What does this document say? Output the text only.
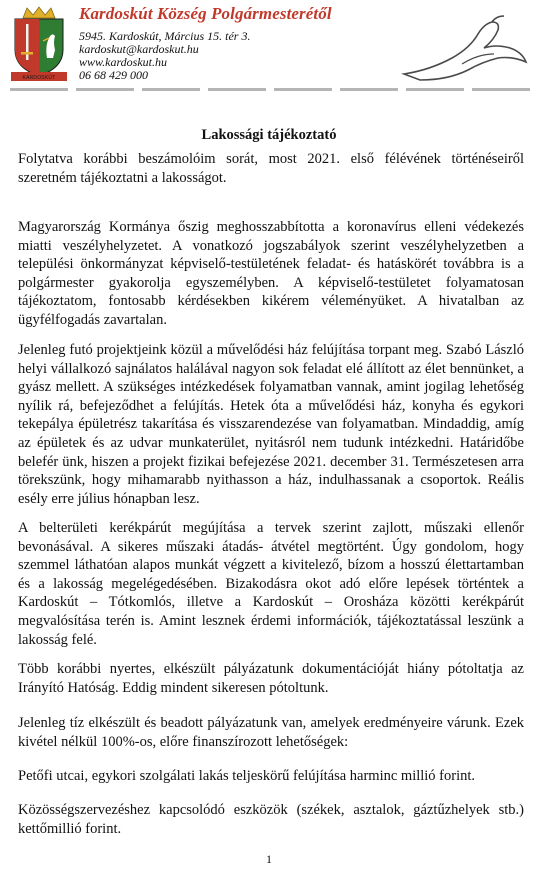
KARDOSKÚT
Kardoskút Község Polgármesterétől
5945. Kardoskút, Március 15. tér 3.
kardoskut@kardoskut.hu
www.kardoskut.hu
06 68 429 000
Lakossági tájékoztató

Folytatva korábbi beszámolóim sorát, most 2021. első félévének történéseiről szeretném tájékoztatni a lakosságot.

Magyarország Kormánya őszig meghosszabbította a koronavírus elleni védekezés miatti veszélyhelyzetet. A vonatkozó jogszabályok szerint veszélyhelyzetben a települési önkormányzat képviselő-testületének feladat- és hatáskörét továbbra is a polgármester gyakorolja egyszemélyben. A képviselő-testületet folyamatosan tájékoztatom, fontosabb kérdésekben kikérem véleményüket. A hivatalban az ügyfélfogadás zavartalan.

Jelenleg futó projektjeink közül a művelődési ház felújítása torpant meg. Szabó László helyi vállalkozó sajnálatos halálával nagyon sok feladat elé állított az élet bennünket, a gyász mellett. A szükséges intézkedések folyamatban vannak, amint jogilag lehetőség nyílik rá, befejeződhet a felújítás. Hetek óta a művelődési ház, konyha és egykori tekepálya épületrész takarítása és visszarendezése van folyamatban. Mindaddig, amíg az épületek és az udvar munkaterület, nyitásról nem tudunk intézkedni. Határidőbe belefér ünk, hiszen a projekt fizikai befejezése 2021. december 31. Természetesen arra törekszünk, hogy mihamarabb nyithasson a ház, indulhassanak a csoportok. Reális esély erre július hónapban lesz.

A belterületi kerékpárút megújítása a tervek szerint zajlott, műszaki ellenőr bevonásával. A sikeres műszaki átadás- átvétel megtörtént. Úgy gondolom, hogy szemmel láthatóan alapos munkát végzett a kivitelező, bízom a hosszú élettartamban és a lakosság megelégedésében. Bizakodásra okot adó előre lepések történtek a Kardoskút – Tótkomlós, illetve a Kardoskút – Orosháza közötti kerékpárút megvalósítása terén is. Amint lesznek érdemi információk, tájékoztatással leszünk a lakosság felé.

Több korábbi nyertes, elkészült pályázatunk dokumentációját hiány pótoltatja az Irányító Hatóság. Eddig mindent sikeresen pótoltunk.

Jelenleg tíz elkészült és beadott pályázatunk van, amelyek eredményeire várunk. Ezek kivétel nélkül 100%-os, előre finanszírozott lehetőségek:

Petőfi utcai, egykori szolgálati lakás teljeskörű felújítása harminc millió forint.

Közösségszervezéshez kapcsolódó eszközök (székek, asztalok, gáztűzhelyek stb.) kettőmillió forint.

1
